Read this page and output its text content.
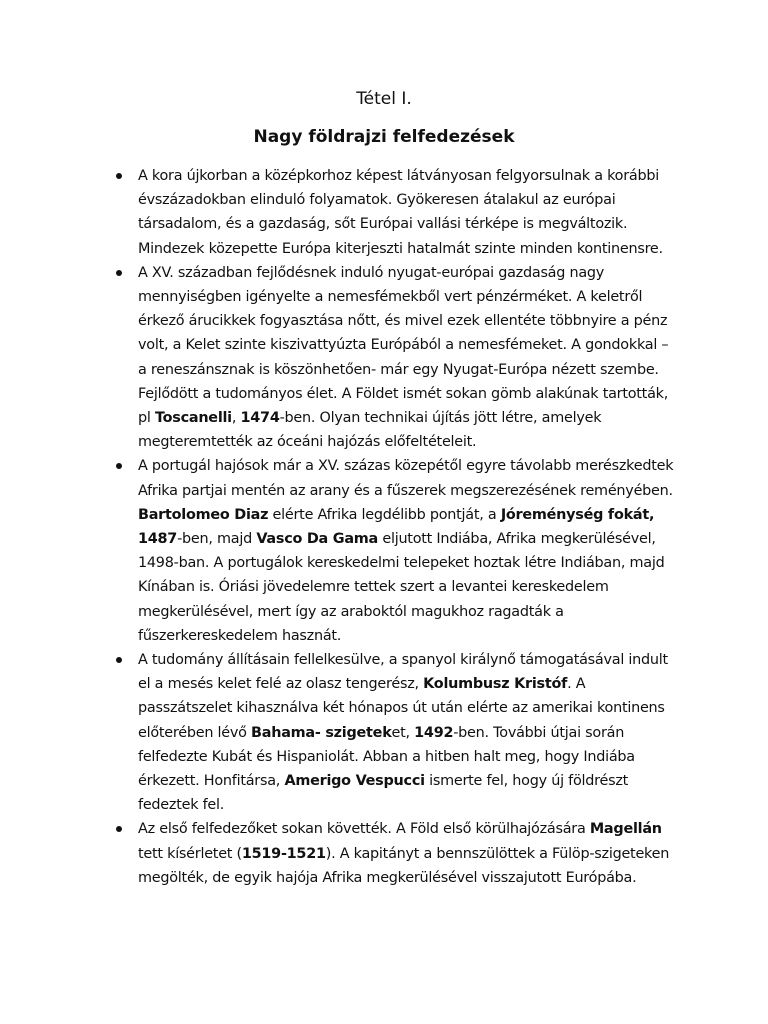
Tétel I.
Nagy földrajzi felfedezések
A kora újkorban a középkorhoz képest látványosan felgyorsulnak a korábbi évszázadokban elinduló folyamatok. Gyökeresen átalakul az európai társadalom, és a gazdaság, sőt Európai vallási térképe is megváltozik. Mindezek közepette Európa kiterjeszti hatalmát szinte minden kontinensre.
A XV. században fejlődésnek induló nyugat-európai gazdaság nagy mennyiségben igényelte a nemesfémekből vert pénzérméket. A keletről érkező árucikkek fogyasztása nőtt, és mivel ezek ellentéte többnyire a pénz volt, a Kelet szinte kiszivattyúzta Európából a nemesfémeket. A gondokkal – a reneszánsznak is köszönhetően- már egy Nyugat-Európa nézett szembe. Fejlődött a tudományos élet. A Földet ismét sokan gömb alakúnak tartották, pl Toscanelli, 1474-ben. Olyan technikai újítás jött létre, amelyek megteremtették az óceáni hajózás előfeltételeit.
A portugál hajósok már a XV. százas közepétől egyre távolabb merészkedtek Afrika partjai mentén az arany és a fűszerek megszerezésének reményében. Bartolomeo Diaz elérte Afrika legdélibb pontját, a Jóreménység fokát, 1487-ben, majd Vasco Da Gama eljutott Indiába, Afrika megkerülésével, 1498-ban. A portugálok kereskedelmi telepeket hoztak létre Indiában, majd Kínában is. Óriási jövedelemre tettek szert a levantei kereskedelem megkerülésével, mert így az araboktól magukhoz ragadták a fűszerkereskedelem hasznát.
A tudomány állításain fellelkesülve, a spanyol királynő támogatásával indult el a mesés kelet felé az olasz tengerész, Kolumbusz Kristóf. A passzátszelet kihasználva két hónapos út után elérte az amerikai kontinens előterében lévő Bahama- szigeteket, 1492-ben. További útjai során felfedezte Kubát és Hispaniolát. Abban a hitben halt meg, hogy Indiába érkezett. Honfitársa, Amerigo Vespucci ismerte fel, hogy új földrészt fedeztek fel.
Az első felfedezőket sokan követték. A Föld első körülhajózására Magellán tett kísérletet (1519-1521). A kapitányt a bennszülöttek a Fülöp-szigeteken megölték, de egyik hajója Afrika megkerülésével visszajutott Európába.
